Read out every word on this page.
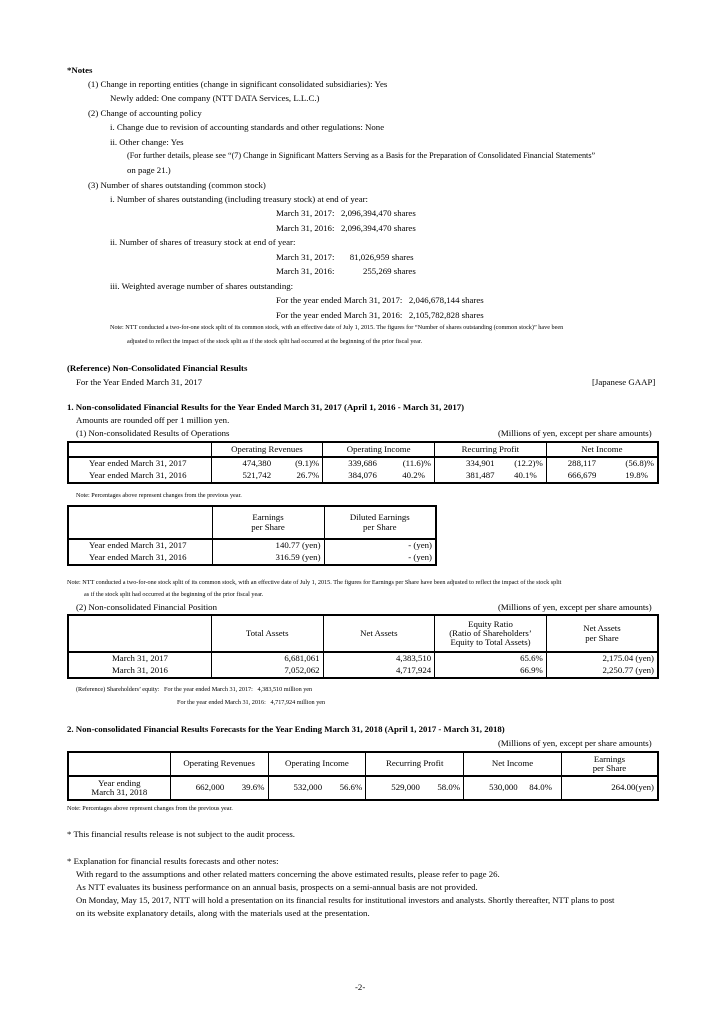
*Notes
(1) Change in reporting entities (change in significant consolidated subsidiaries): Yes
Newly added: One company (NTT DATA Services, L.L.C.)
(2) Change of accounting policy
i. Change due to revision of accounting standards and other regulations: None
ii. Other change: Yes
(For further details, please see “(7) Change in Significant Matters Serving as a Basis for the Preparation of Consolidated Financial Statements”
on page 21.)
(3) Number of shares outstanding (common stock)
i. Number of shares outstanding (including treasury stock) at end of year:
March 31, 2017:   2,096,394,470 shares
March 31, 2016:   2,096,394,470 shares
ii. Number of shares of treasury stock at end of year:
March 31, 2017:       81,026,959 shares
March 31, 2016:             255,269 shares
iii. Weighted average number of shares outstanding:
For the year ended March 31, 2017:   2,046,678,144 shares
For the year ended March 31, 2016:   2,105,782,828 shares
Note: NTT conducted a two-for-one stock split of its common stock, with an effective date of July 1, 2015. The figures for “Number of shares outstanding (common stock)” have been
adjusted to reflect the impact of the stock split as if the stock split had occurred at the beginning of the prior fiscal year.
(Reference) Non-Consolidated Financial Results
For the Year Ended March 31, 2017	[Japanese GAAP]
1. Non-consolidated Financial Results for the Year Ended March 31, 2017 (April 1, 2016 - March 31, 2017)
Amounts are rounded off per 1 million yen.
(1) Non-consolidated Results of Operations	(Millions of yen, except per share amounts)
	Operating Revenues	Operating Income	Recurring Profit	Net Income
Year ended March 31, 2017	474,380 (9.1)%	339,686 (11.6)%	334,901 (12.2)%	288,117 (56.8)%

Year ended March 31, 2016	521,742 26.7%	384,076 40.2%	381,487 40.1%	666,679 19.8%
Note: Percentages above represent changes from the previous year.
	Earnings
per Share	Diluted Earnings
per Share
Year ended March 31, 2017	140.77 (yen)	- (yen)
Year ended March 31, 2016	316.59 (yen)	- (yen)
Note: NTT conducted a two-for-one stock split of its common stock, with an effective date of July 1, 2015. The figures for Earnings per Share have been adjusted to reflect the impact of the stock split
as if the stock split had occurred at the beginning of the prior fiscal year.
(2) Non-consolidated Financial Position	(Millions of yen, except per share amounts)
	Total Assets	Net Assets	Equity Ratio
(Ratio of Shareholders’
Equity to Total Assets)	Net Assets
per Share
March 31, 2017	6,681,061	4,383,510	65.6%	2,175.04 (yen)
March 31, 2016	7,052,062	4,717,924	66.9%	2,250.77 (yen)
(Reference) Shareholders’ equity:   For the year ended March 31, 2017:   4,383,510 million yen
For the year ended March 31, 2016:   4,717,924 million yen
2. Non-consolidated Financial Results Forecasts for the Year Ending March 31, 2018 (April 1, 2017 - March 31, 2018)
(Millions of yen, except per share amounts)
	Operating Revenues	Operating Income	Recurring Profit	Net Income	Earnings
per Share
Year ending
March 31, 2018	662,000 39.6%	532,000 56.6%	529,000 58.0%	530,000 84.0%	264.00(yen)
Note: Percentages above represent changes from the previous year.
* This financial results release is not subject to the audit process.
* Explanation for financial results forecasts and other notes:
With regard to the assumptions and other related matters concerning the above estimated results, please refer to page 26.
As NTT evaluates its business performance on an annual basis, prospects on a semi-annual basis are not provided.
On Monday, May 15, 2017, NTT will hold a presentation on its financial results for institutional investors and analysts. Shortly thereafter, NTT plans to post
on its website explanatory details, along with the materials used at the presentation.
-2-
